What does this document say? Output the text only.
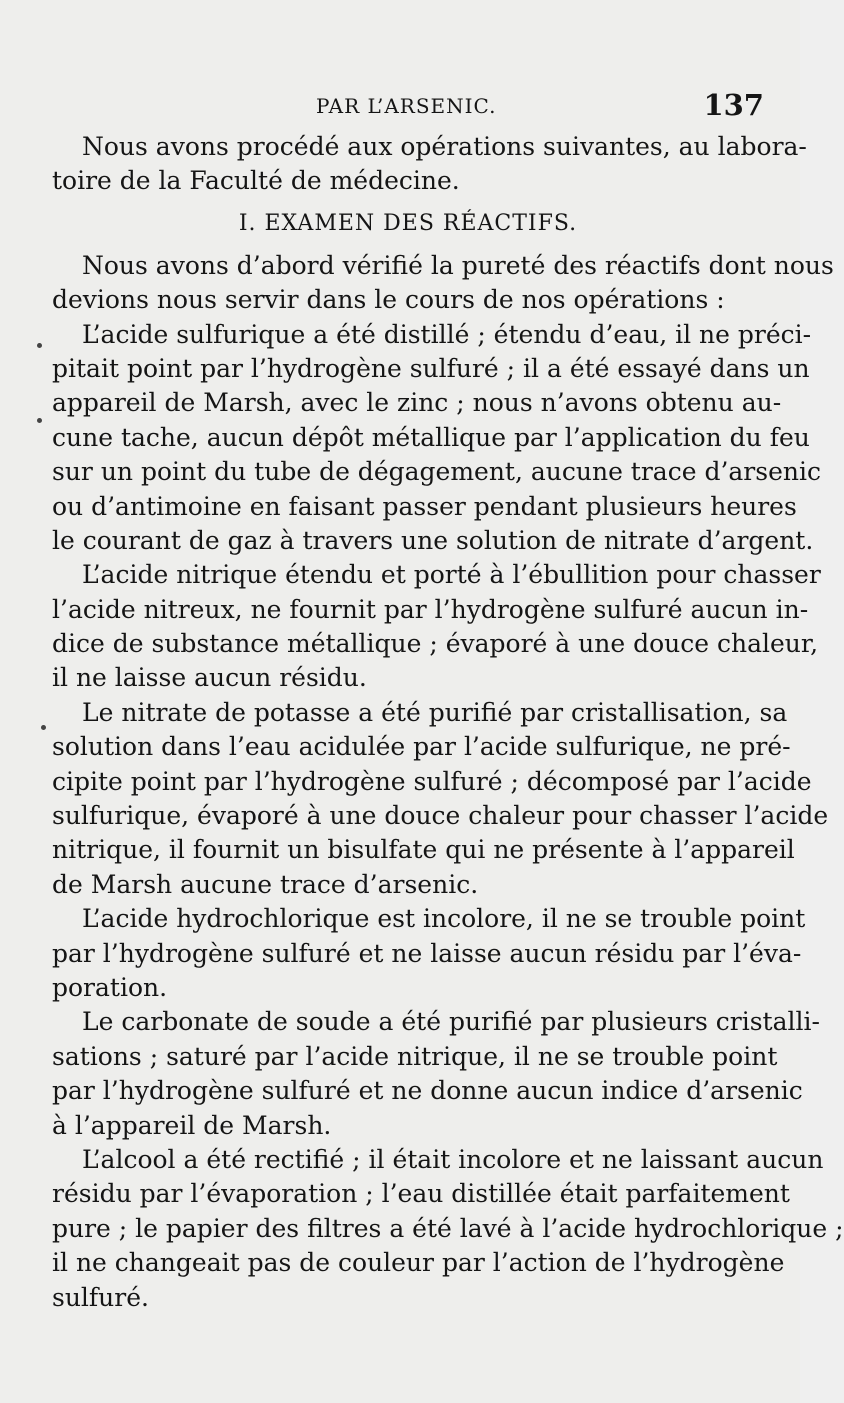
PAR L’ARSENIC.	137
Nous avons procédé aux opérations suivantes, au labora-
toire de la Faculté de médecine.
I. EXAMEN DES RÉACTIFS.
Nous avons d’abord vérifié la pureté des réactifs dont nous
devions nous servir dans le cours de nos opérations :
L’acide sulfurique a été distillé ; étendu d’eau, il ne préci-
pitait point par l’hydrogène sulfuré ; il a été essayé dans un
appareil de Marsh, avec le zinc ; nous n’avons obtenu au-
cune tache, aucun dépôt métallique par l’application du feu
sur un point du tube de dégagement, aucune trace d’arsenic
ou d’antimoine en faisant passer pendant plusieurs heures
le courant de gaz à travers une solution de nitrate d’argent.
L’acide nitrique étendu et porté à l’ébullition pour chasser
l’acide nitreux, ne fournit par l’hydrogène sulfuré aucun in-
dice de substance métallique ; évaporé à une douce chaleur,
il ne laisse aucun résidu.
Le nitrate de potasse a été purifié par cristallisation, sa
solution dans l’eau acidulée par l’acide sulfurique, ne pré-
cipite point par l’hydrogène sulfuré ; décomposé par l’acide
sulfurique, évaporé à une douce chaleur pour chasser l’acide
nitrique, il fournit un bisulfate qui ne présente à l’appareil
de Marsh aucune trace d’arsenic.
L’acide hydrochlorique est incolore, il ne se trouble point
par l’hydrogène sulfuré et ne laisse aucun résidu par l’éva-
poration.
Le carbonate de soude a été purifié par plusieurs cristalli-
sations ; saturé par l’acide nitrique, il ne se trouble point
par l’hydrogène sulfuré et ne donne aucun indice d’arsenic
à l’appareil de Marsh.
L’alcool a été rectifié ; il était incolore et ne laissant aucun
résidu par l’évaporation ; l’eau distillée était parfaitement
pure ; le papier des filtres a été lavé à l’acide hydrochlorique ;
il ne changeait pas de couleur par l’action de l’hydrogène
sulfuré.
